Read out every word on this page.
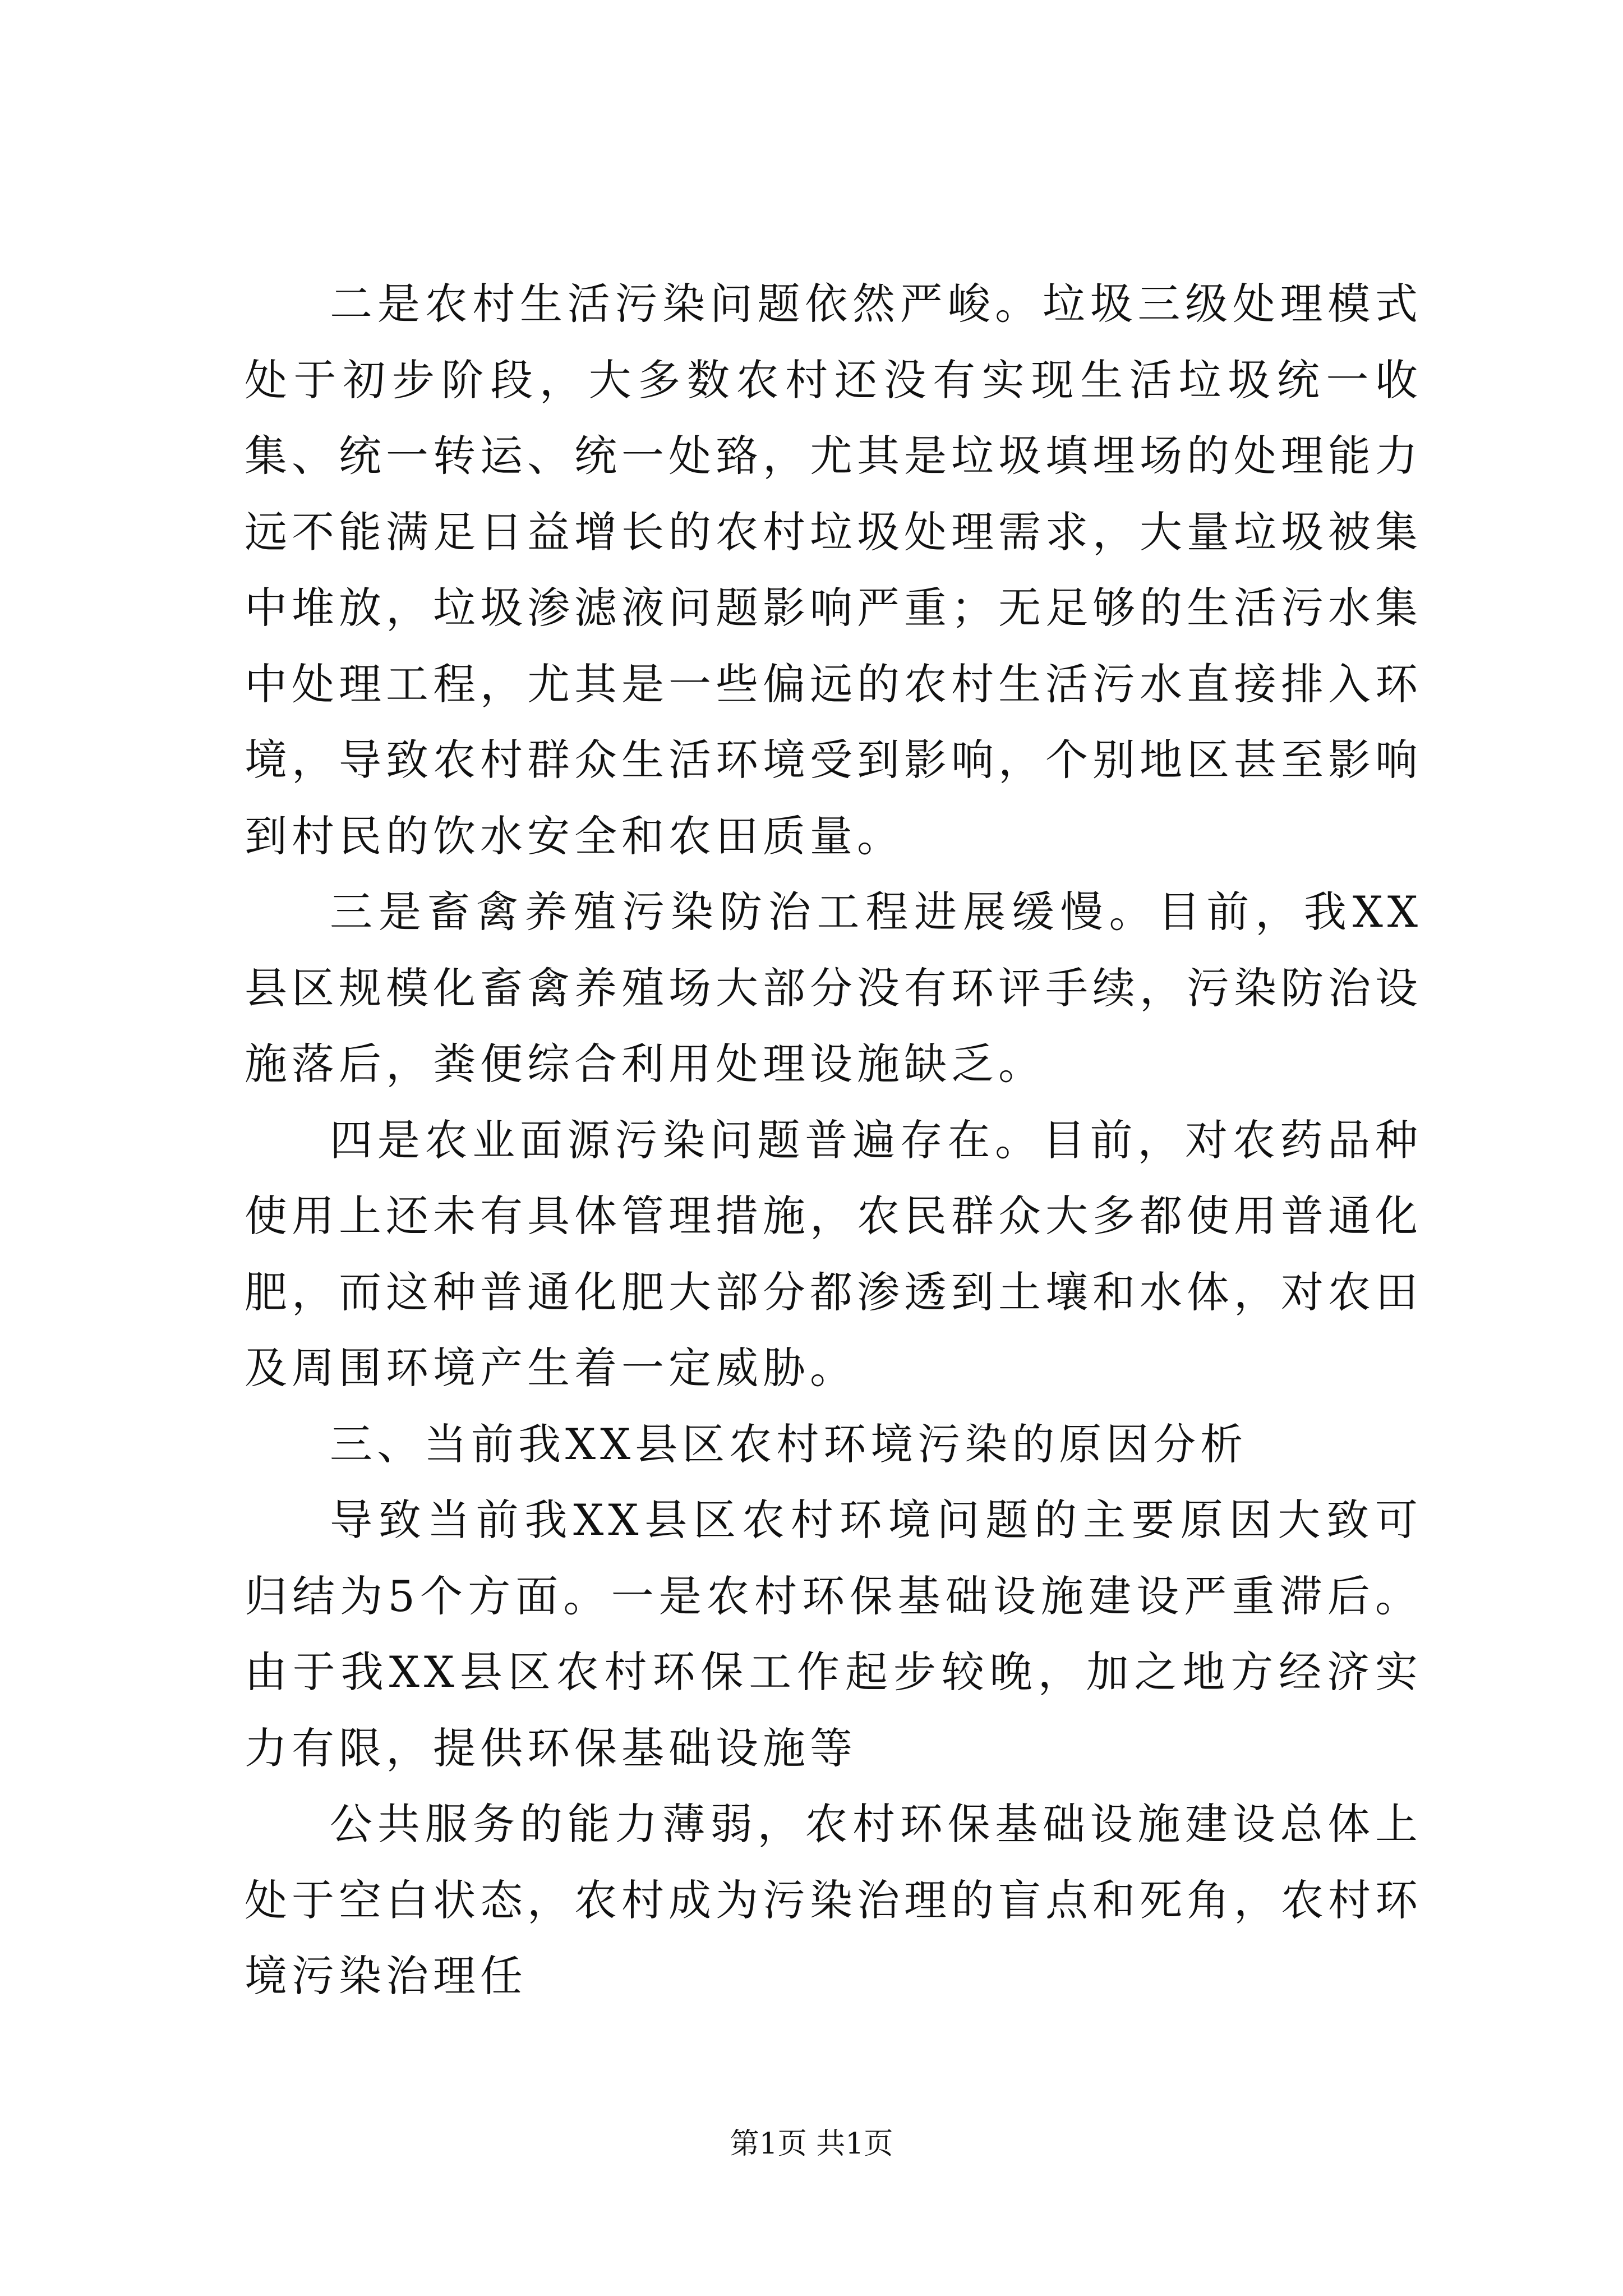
二是农村生活污染问题依然严峻。垃圾三级处理模式处于初步阶段，大多数农村还没有实现生活垃圾统一收集、统一转运、统一处臵，尤其是垃圾填埋场的处理能力远不能满足日益增长的农村垃圾处理需求，大量垃圾被集中堆放，垃圾渗滤液问题影响严重；无足够的生活污水集中处理工程，尤其是一些偏远的农村生活污水直接排入环境，导致农村群众生活环境受到影响，个别地区甚至影响到村民的饮水安全和农田质量。

三是畜禽养殖污染防治工程进展缓慢。目前，我XX县区规模化畜禽养殖场大部分没有环评手续，污染防治设施落后，粪便综合利用处理设施缺乏。

四是农业面源污染问题普遍存在。目前，对农药品种使用上还未有具体管理措施，农民群众大多都使用普通化肥，而这种普通化肥大部分都渗透到土壤和水体，对农田及周围环境产生着一定威胁。

三、当前我XX县区农村环境污染的原因分析

导致当前我XX县区农村环境问题的主要原因大致可归结为5个方面。一是农村环保基础设施建设严重滞后。由于我XX县区农村环保工作起步较晚，加之地方经济实力有限，提供环保基础设施等

公共服务的能力薄弱，农村环保基础设施建设总体上处于空白状态，农村成为污染治理的盲点和死角，农村环境污染治理任

第1页 共1页
